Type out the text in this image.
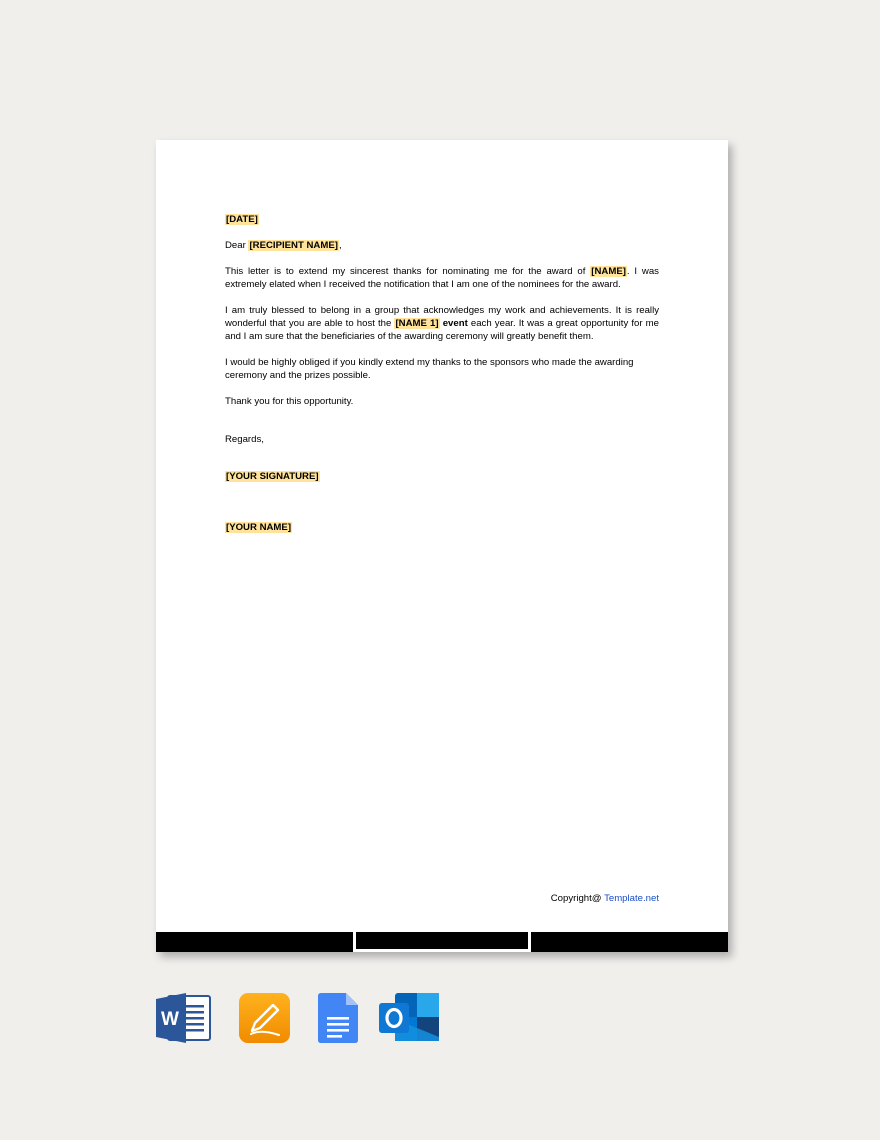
[DATE]

Dear [RECIPIENT NAME],

This letter is to extend my sincerest thanks for nominating me for the award of [NAME]. I was extremely elated when I received the notification that I am one of the nominees for the award.

I am truly blessed to belong in a group that acknowledges my work and achievements. It is really wonderful that you are able to host the [NAME 1] event each year. It was a great opportunity for me and I am sure that the beneficiaries of the awarding ceremony will greatly benefit them.

I would be highly obliged if you kindly extend my thanks to the sponsors who made the awarding ceremony and the prizes possible.

Thank you for this opportunity.

Regards,

[YOUR SIGNATURE]

[YOUR NAME]

Copyright@ Template.net
W
